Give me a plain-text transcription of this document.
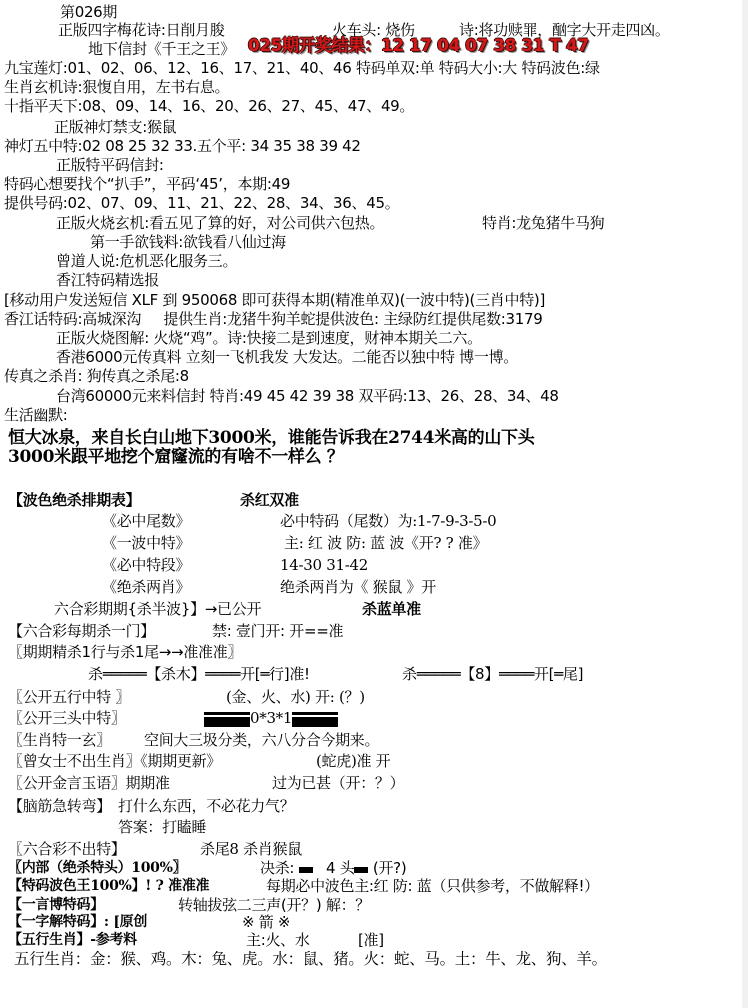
第026期
正版四字梅花诗:日削月朘	火车头: 烧伤	诗:将功赎罪，酗字大开走四凶。
地下信封《千王之王》 025期开奖结果：12 17 04 07 38 31 T 47
九宝莲灯:01、02、06、12、16、17、21、40、46 特码单双:单 特码大小:大 特码波色:绿
生肖玄机诗:狠愎自用，左书右息。
十指平天下:08、09、14、16、20、26、27、45、47、49。
正版神灯禁支:猴鼠
神灯五中特:02 08 25 32 33.五个平: 34 35 38 39 42
正版特平码信封:
特码心想要找个“扒手”，平码‘45’，本期:49
提供号码:02、07、09、11、21、22、28、34、36、45。
正版火烧玄机:看五见了算的好，对公司供六包热。	特肖:龙兔猪牛马狗
第一手欲钱料:欲钱看八仙过海
曾道人说:危机恶化服务三。
香江特码精选报
[移动用户发送短信 XLF 到 950068 即可获得本期(精准单双)(一波中特)(三肖中特)]
香江话特码:高城深沟 提供生肖:龙猪牛狗羊蛇提供波色: 主绿防红提供尾数:3179
正版火烧图解: 火烧“鸡”。诗:快接二是到速度，财神本期关二六。
香港6000元传真料 立刻一飞机我发 大发达。二能否以独中特 博一博。
传真之杀肖: 狗传真之杀尾:8
台湾60000元来料信封 特肖:49 45 42 39 38 双平码:13、26、28、34、48
生活幽默:
恒大冰泉，来自长白山地下3000米，谁能告诉我在2744米高的山下头
3000米跟平地挖个窟窿流的有啥不一样么 ？
【波色绝杀排期表】	杀红双准
《必中尾数》	必中特码（尾数）为:1-7-9-3-5-0
《一波中特》	主: 红 波 防: 蓝 波《开? ? 准》
《必中特段》	14-30 31-42
《绝杀两肖》	绝杀两肖为《 猴鼠 》开
六合彩期期{杀半波}】→已公开	杀蓝单准
【六合彩每期杀一门】	禁: 壹门开: 开==准
〖期期精杀1行与杀1尾→→准准准〗
杀═════【杀木】════开[═行]准!	杀═════【8】════开[═尾]
〖公开五行中特 〗	(金、火、水) 开: (？)
〖公开三头中特〗	0*3*1
〖生肖特一玄〗 空间大三圾分类，六八分合今期来。
〖曾女士不出生肖〗《期期更新》	(蛇虎)准 开
〖公开金言玉语〗期期准	过为已甚（开：？）
【脑筋急转弯】 打什么东西，不必花力气？
答案：打瞌睡
〖六合彩不出特】	杀尾8 杀肖猴鼠
〖内部（绝杀特头）100%〗	决杀: 4 头 (开?)
【特码波色王100%】! ? 准准准	每期必中波色主:红 防: 蓝（只供参考，不做解释!）
【一言博特码】	转轴拔弦二三声(开？) 解：？
【一字解特码】: [原创	※ 箭 ※
【五行生肖】-参考料	主:火、水	[准]
五行生肖：金：猴、鸡。木：兔、虎。水：鼠、猪。火：蛇、马。土：牛、龙、狗、羊。
